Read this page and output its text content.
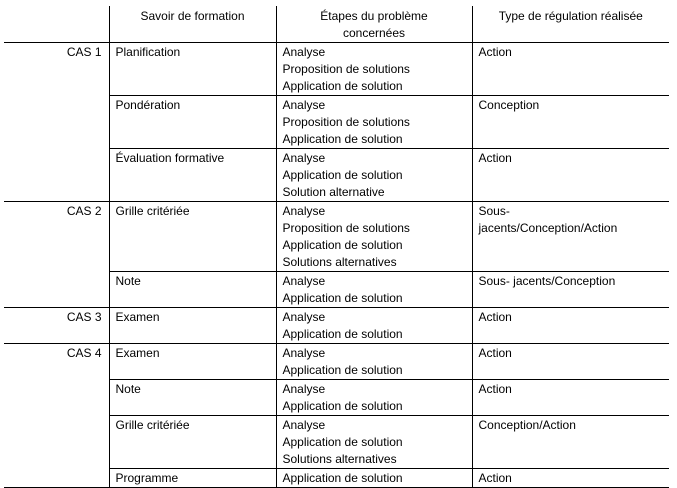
	Savoir de formation	Étapes du problème
concernées	Type de régulation réalisée

CAS 1	Planification	Analyse
Proposition de solutions
Application de solution	Action

	Pondération	Analyse
Proposition de solutions
Application de solution	Conception

	Évaluation formative	Analyse
Application de solution
Solution alternative	Action

CAS 2	Grille critériée	Analyse
Proposition de solutions
Application de solution
Solutions alternatives	Sous-
jacents/Conception/Action

	Note	Analyse
Application de solution	Sous- jacents/Conception

CAS 3	Examen	Analyse
Application de solution	Action

CAS 4	Examen	Analyse
Application de solution	Action

	Note	Analyse
Application de solution	Action

	Grille critériée	Analyse
Application de solution
Solutions alternatives	Conception/Action

	Programme	Application de solution	Action
